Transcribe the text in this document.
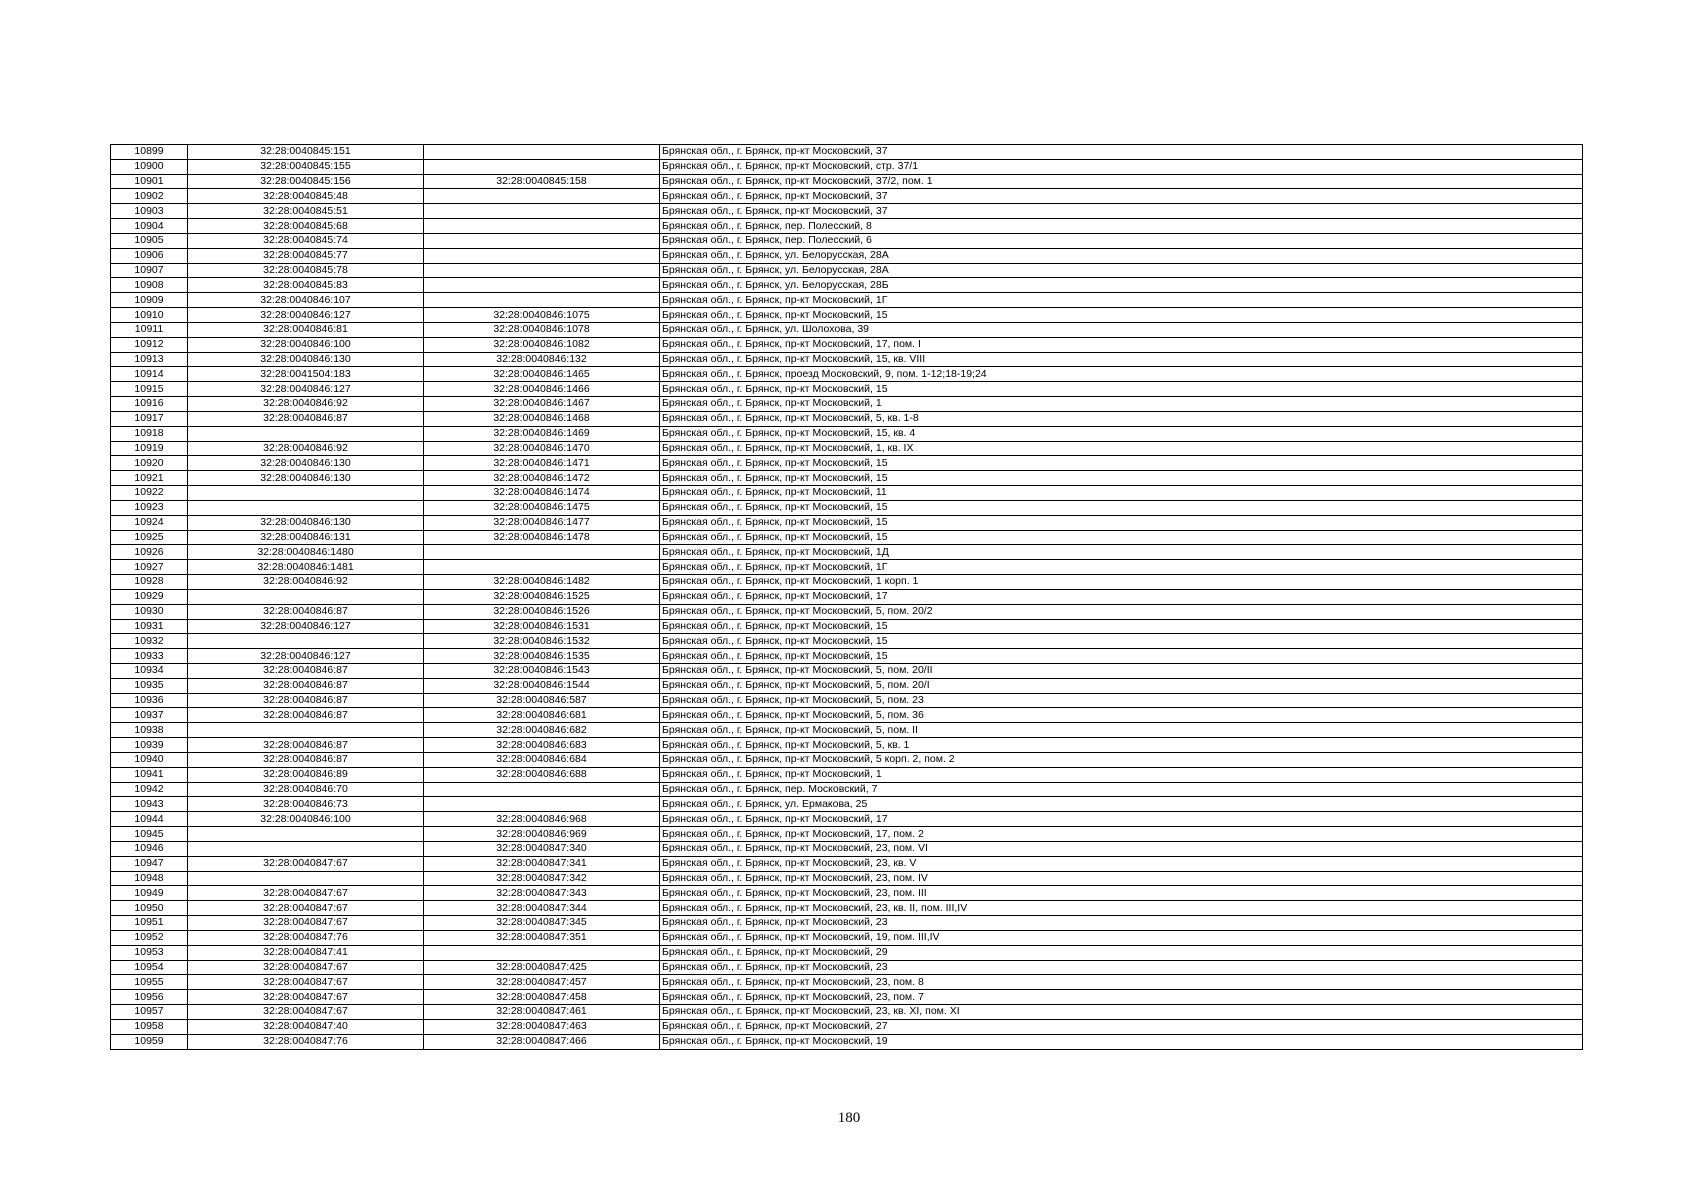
10899	32:28:0040845:151		Брянская обл., г. Брянск, пр-кт Московский, 37
10900	32:28:0040845:155		Брянская обл., г. Брянск, пр-кт Московский, стр. 37/1
10901	32:28:0040845:156	32:28:0040845:158	Брянская обл., г. Брянск, пр-кт Московский, 37/2, пом. 1
10902	32:28:0040845:48		Брянская обл., г. Брянск, пр-кт Московский, 37
10903	32:28:0040845:51		Брянская обл., г. Брянск, пр-кт Московский, 37
10904	32:28:0040845:68		Брянская обл., г. Брянск, пер. Полесский, 8
10905	32:28:0040845:74		Брянская обл., г. Брянск, пер. Полесский, 6
10906	32:28:0040845:77		Брянская обл., г. Брянск, ул. Белорусская, 28А
10907	32:28:0040845:78		Брянская обл., г. Брянск, ул. Белорусская, 28А
10908	32:28:0040845:83		Брянская обл., г. Брянск, ул. Белорусская, 28Б
10909	32:28:0040846:107		Брянская обл., г. Брянск, пр-кт Московский, 1Г
10910	32:28:0040846:127	32:28:0040846:1075	Брянская обл., г. Брянск, пр-кт Московский, 15
10911	32:28:0040846:81	32:28:0040846:1078	Брянская обл., г. Брянск, ул. Шолохова, 39
10912	32:28:0040846:100	32:28:0040846:1082	Брянская обл., г. Брянск, пр-кт Московский, 17, пом. I
10913	32:28:0040846:130	32:28:0040846:132	Брянская обл., г. Брянск, пр-кт Московский, 15, кв. VIII
10914	32:28:0041504:183	32:28:0040846:1465	Брянская обл., г. Брянск, проезд Московский, 9, пом. 1-12;18-19;24
10915	32:28:0040846:127	32:28:0040846:1466	Брянская обл., г. Брянск, пр-кт Московский, 15
10916	32:28:0040846:92	32:28:0040846:1467	Брянская обл., г. Брянск, пр-кт Московский, 1
10917	32:28:0040846:87	32:28:0040846:1468	Брянская обл., г. Брянск, пр-кт Московский, 5, кв. 1-8
10918		32:28:0040846:1469	Брянская обл., г. Брянск, пр-кт Московский, 15, кв. 4
10919	32:28:0040846:92	32:28:0040846:1470	Брянская обл., г. Брянск, пр-кт Московский, 1, кв. IX
10920	32:28:0040846:130	32:28:0040846:1471	Брянская обл., г. Брянск, пр-кт Московский, 15
10921	32:28:0040846:130	32:28:0040846:1472	Брянская обл., г. Брянск, пр-кт Московский, 15
10922		32:28:0040846:1474	Брянская обл., г. Брянск, пр-кт Московский, 11
10923		32:28:0040846:1475	Брянская обл., г. Брянск, пр-кт Московский, 15
10924	32:28:0040846:130	32:28:0040846:1477	Брянская обл., г. Брянск, пр-кт Московский, 15
10925	32:28:0040846:131	32:28:0040846:1478	Брянская обл., г. Брянск, пр-кт Московский, 15
10926	32:28:0040846:1480		Брянская обл., г. Брянск, пр-кт Московский, 1Д
10927	32:28:0040846:1481		Брянская обл., г. Брянск, пр-кт Московский, 1Г
10928	32:28:0040846:92	32:28:0040846:1482	Брянская обл., г. Брянск, пр-кт Московский, 1 корп. 1
10929		32:28:0040846:1525	Брянская обл., г. Брянск, пр-кт Московский, 17
10930	32:28:0040846:87	32:28:0040846:1526	Брянская обл., г. Брянск, пр-кт Московский, 5, пом. 20/2
10931	32:28:0040846:127	32:28:0040846:1531	Брянская обл., г. Брянск, пр-кт Московский, 15
10932		32:28:0040846:1532	Брянская обл., г. Брянск, пр-кт Московский, 15
10933	32:28:0040846:127	32:28:0040846:1535	Брянская обл., г. Брянск, пр-кт Московский, 15
10934	32:28:0040846:87	32:28:0040846:1543	Брянская обл., г. Брянск, пр-кт Московский, 5, пом. 20/II
10935	32:28:0040846:87	32:28:0040846:1544	Брянская обл., г. Брянск, пр-кт Московский, 5, пом. 20/I
10936	32:28:0040846:87	32:28:0040846:587	Брянская обл., г. Брянск, пр-кт Московский, 5, пом. 23
10937	32:28:0040846:87	32:28:0040846:681	Брянская обл., г. Брянск, пр-кт Московский, 5, пом. 36
10938		32:28:0040846:682	Брянская обл., г. Брянск, пр-кт Московский, 5, пом. II
10939	32:28:0040846:87	32:28:0040846:683	Брянская обл., г. Брянск, пр-кт Московский, 5, кв. 1
10940	32:28:0040846:87	32:28:0040846:684	Брянская обл., г. Брянск, пр-кт Московский, 5 корп. 2, пом. 2
10941	32:28:0040846:89	32:28:0040846:688	Брянская обл., г. Брянск, пр-кт Московский, 1
10942	32:28:0040846:70		Брянская обл., г. Брянск, пер. Московский, 7
10943	32:28:0040846:73		Брянская обл., г. Брянск, ул. Ермакова, 25
10944	32:28:0040846:100	32:28:0040846:968	Брянская обл., г. Брянск, пр-кт Московский, 17
10945		32:28:0040846:969	Брянская обл., г. Брянск, пр-кт Московский, 17, пом. 2
10946		32:28:0040847:340	Брянская обл., г. Брянск, пр-кт Московский, 23, пом. VI
10947	32:28:0040847:67	32:28:0040847:341	Брянская обл., г. Брянск, пр-кт Московский, 23, кв. V
10948		32:28:0040847:342	Брянская обл., г. Брянск, пр-кт Московский, 23, пом. IV
10949	32:28:0040847:67	32:28:0040847:343	Брянская обл., г. Брянск, пр-кт Московский, 23, пом. III
10950	32:28:0040847:67	32:28:0040847:344	Брянская обл., г. Брянск, пр-кт Московский, 23, кв. II, пом. III,IV
10951	32:28:0040847:67	32:28:0040847:345	Брянская обл., г. Брянск, пр-кт Московский, 23
10952	32:28:0040847:76	32:28:0040847:351	Брянская обл., г. Брянск, пр-кт Московский, 19, пом. III,IV
10953	32:28:0040847:41		Брянская обл., г. Брянск, пр-кт Московский, 29
10954	32:28:0040847:67	32:28:0040847:425	Брянская обл., г. Брянск, пр-кт Московский, 23
10955	32:28:0040847:67	32:28:0040847:457	Брянская обл., г. Брянск, пр-кт Московский, 23, пом. 8
10956	32:28:0040847:67	32:28:0040847:458	Брянская обл., г. Брянск, пр-кт Московский, 23, пом. 7
10957	32:28:0040847:67	32:28:0040847:461	Брянская обл., г. Брянск, пр-кт Московский, 23, кв. XI, пом. XI
10958	32:28:0040847:40	32:28:0040847:463	Брянская обл., г. Брянск, пр-кт Московский, 27
10959	32:28:0040847:76	32:28:0040847:466	Брянская обл., г. Брянск, пр-кт Московский, 19
180
